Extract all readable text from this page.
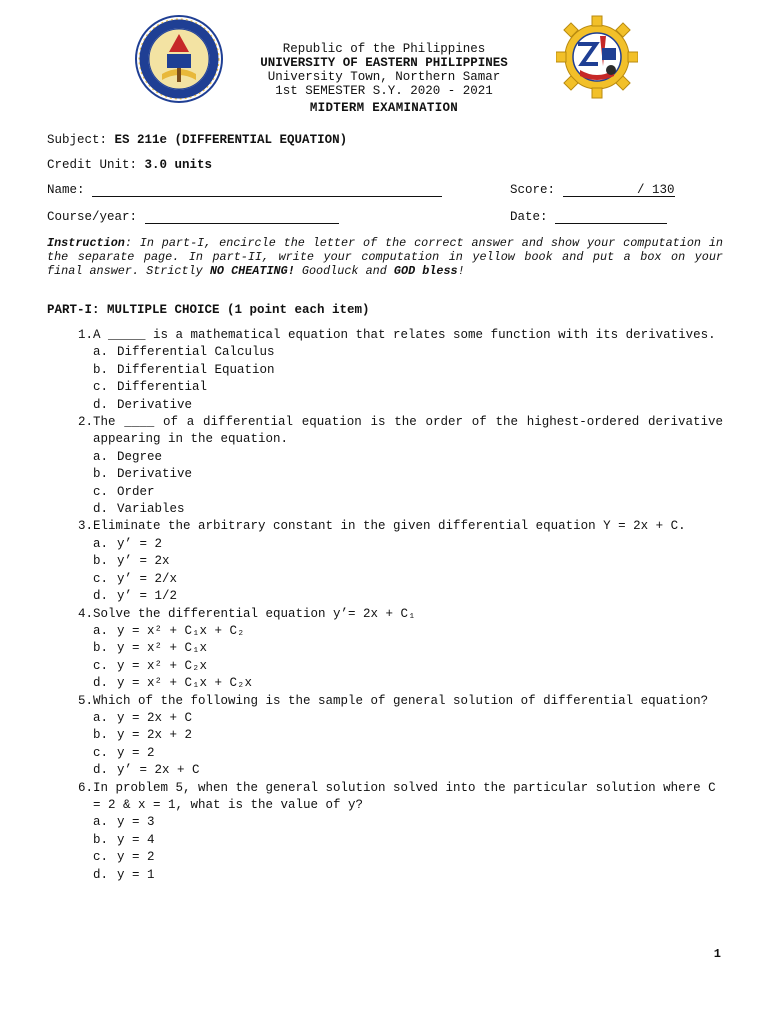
Republic of the Philippines
UNIVERSITY OF EASTERN PHILIPPINES
University Town, Northern Samar
1st SEMESTER S.Y. 2020 - 2021
MIDTERM EXAMINATION
Subject: ES 211e (DIFFERENTIAL EQUATION)
Credit Unit: 3.0 units
Name:	Score:	/ 130
Course/year:	Date:
Instruction: In part-I, encircle the letter of the correct answer and show your computation in the separate page. In part-II, write your computation in yellow book and put a box on your final answer. Strictly NO CHEATING! Goodluck and GOD bless!
PART-I: MULTIPLE CHOICE (1 point each item)
1. A _____ is a mathematical equation that relates some function with its derivatives.
a. Differential Calculus
b. Differential Equation
c. Differential
d. Derivative
2. The ____ of a differential equation is the order of the highest-ordered derivative appearing in the equation.
a. Degree
b. Derivative
c. Order
d. Variables
3. Eliminate the arbitrary constant in the given differential equation Y = 2x + C.
a. y’ = 2
b. y’ = 2x
c. y’ = 2/x
d. y’ = 1/2
4. Solve the differential equation y’= 2x + C₁
a. y = x² + C₁x + C₂
b. y = x² + C₁x
c. y = x² + C₂x
d. y = x² + C₁x + C₂x
5. Which of the following is the sample of general solution of differential equation?
a. y = 2x + C
b. y = 2x + 2
c. y = 2
d. y’ = 2x + C
6. In problem 5, when the general solution solved into the particular solution where C = 2 & x = 1, what is the value of y?
a. y = 3
b. y = 4
c. y = 2
d. y = 1
1
